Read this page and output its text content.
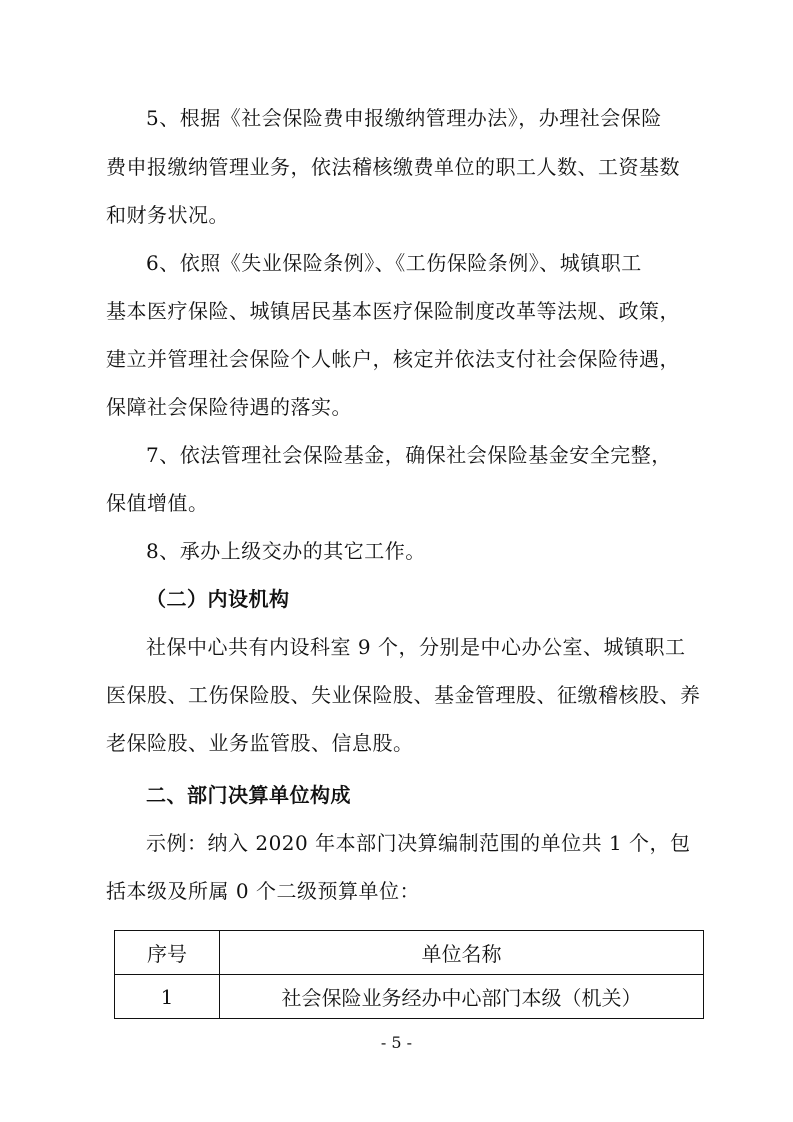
5、根据《社会保险费申报缴纳管理办法》，办理社会保险
费申报缴纳管理业务，依法稽核缴费单位的职工人数、工资基数
和财务状况。
6、依照《失业保险条例》、《工伤保险条例》、城镇职工
基本医疗保险、城镇居民基本医疗保险制度改革等法规、政策，
建立并管理社会保险个人帐户，核定并依法支付社会保险待遇，
保障社会保险待遇的落实。
7、依法管理社会保险基金，确保社会保险基金安全完整，
保值增值。
8、承办上级交办的其它工作。
（二）内设机构
社保中心共有内设科室 9 个，分别是中心办公室、城镇职工
医保股、工伤保险股、失业保险股、基金管理股、征缴稽核股、养
老保险股、业务监管股、信息股。
二、部门决算单位构成
示例：纳入 2020 年本部门决算编制范围的单位共 1 个，包
括本级及所属 0 个二级预算单位：
序号	单位名称
1	社会保险业务经办中心部门本级（机关）
- 5 -
